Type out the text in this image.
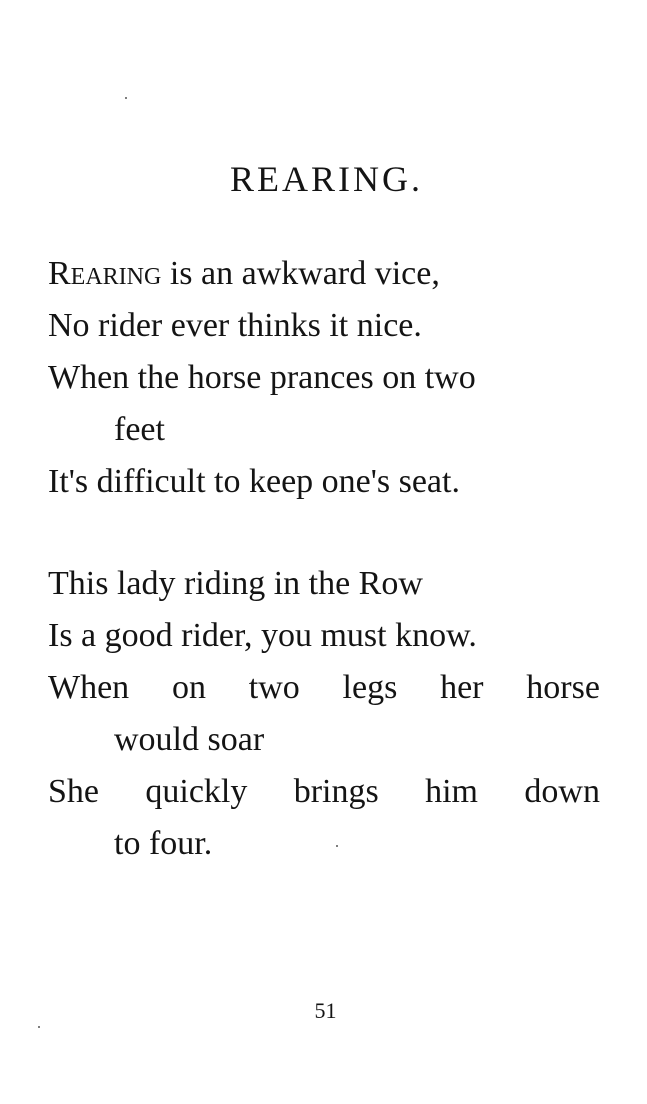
REARING.

Rearing is an awkward vice,

No rider ever thinks it nice.

When the horse prances on two

feet

It's difficult to keep one's seat.

This lady riding in the Row

Is a good rider, you must know.

When on two legs her horse

would soar

She quickly brings him down

to four.

51
